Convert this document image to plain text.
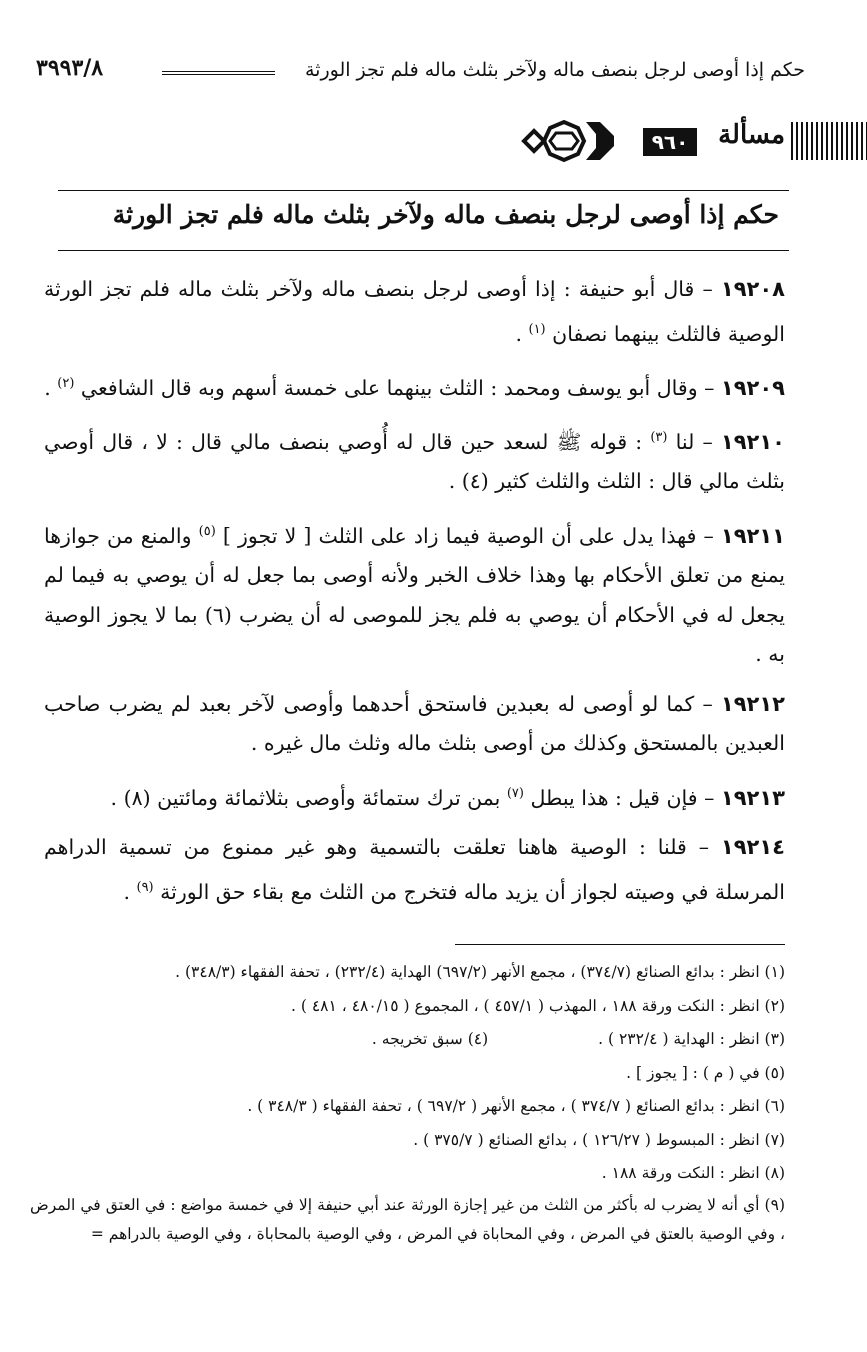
حكم إذا أوصى لرجل بنصف ماله ولآخر بثلث ماله فلم تجز الورثة
٣٩٩٣/٨
مسألة
٩٦٠
حكم إذا أوصى لرجل بنصف ماله ولآخر بثلث ماله فلم تجز الورثة

١٩٢٠٨ – قال أبو حنيفة : إذا أوصى لرجل بنصف ماله ولآخر بثلث ماله فلم تجز الورثة الوصية فالثلث بينهما نصفان $^{(١)}$ .

١٩٢٠٩ – وقال أبو يوسف ومحمد : الثلث بينهما على خمسة أسهم وبه قال الشافعي $^{(٢)}$ .

١٩٢١٠ – لنا $^{(٣)}$ : قوله ﷺ لسعد حين قال له أُوصي بنصف مالي قال : لا ، قال أوصي بثلث مالي قال : الثلث والثلث كثير (٤) .

١٩٢١١ – فهذا يدل على أن الوصية فيما زاد على الثلث [ لا تجوز ] $^{(٥)}$ والمنع من جوازها يمنع من تعلق الأحكام بها وهذا خلاف الخبر ولأنه أوصى بما جعل له أن يوصي به فيما لم يجعل له في الأحكام أن يوصي به فلم يجز للموصى له أن يضرب (٦) بما لا يجوز الوصية به .

١٩٢١٢ – كما لو أوصى له بعبدين فاستحق أحدهما وأوصى لآخر بعبد لم يضرب صاحب العبدين بالمستحق وكذلك من أوصى بثلث ماله وثلث مال غيره .

١٩٢١٣ – فإن قيل : هذا يبطل $^{(٧)}$ بمن ترك ستمائة وأوصى بثلاثمائة ومائتين (٨) .

١٩٢١٤ – قلنا : الوصية هاهنا تعلقت بالتسمية وهو غير ممنوع من تسمية الدراهم المرسلة في وصيته لجواز أن يزيد ماله فتخرج من الثلث مع بقاء حق الورثة $^{(٩)}$ .

(١) انظر : بدائع الصنائع (٣٧٤/٧) ، مجمع الأنهر (٦٩٧/٢) الهداية (٢٣٢/٤) ، تحفة الفقهاء (٣٤٨/٣) .
(٢) انظر : النكت ورقة ١٨٨ ، المهذب ( ٤٥٧/١ ) ، المجموع ( ٤٨٠/١٥ ، ٤٨١ ) .
(٣) انظر : الهداية ( ٢٣٢/٤ ) .
(٤) سبق تخريجه .
(٥) في ( م ) : [ يجوز ] .
(٦) انظر : بدائع الصنائع ( ٣٧٤/٧ ) ، مجمع الأنهر ( ٦٩٧/٢ ) ، تحفة الفقهاء ( ٣٤٨/٣ ) .
(٧) انظر : المبسوط ( ١٢٦/٢٧ ) ، بدائع الصنائع ( ٣٧٥/٧ ) .
(٨) انظر : النكت ورقة ١٨٨ .
(٩) أي أنه لا يضرب له بأكثر من الثلث من غير إجازة الورثة عند أبي حنيفة إلا في خمسة مواضع : في العتق في المرض ، وفي الوصية بالعتق في المرض ، وفي المحاباة في المرض ، وفي الوصية بالمحاباة ، وفي الوصية بالدراهم =
